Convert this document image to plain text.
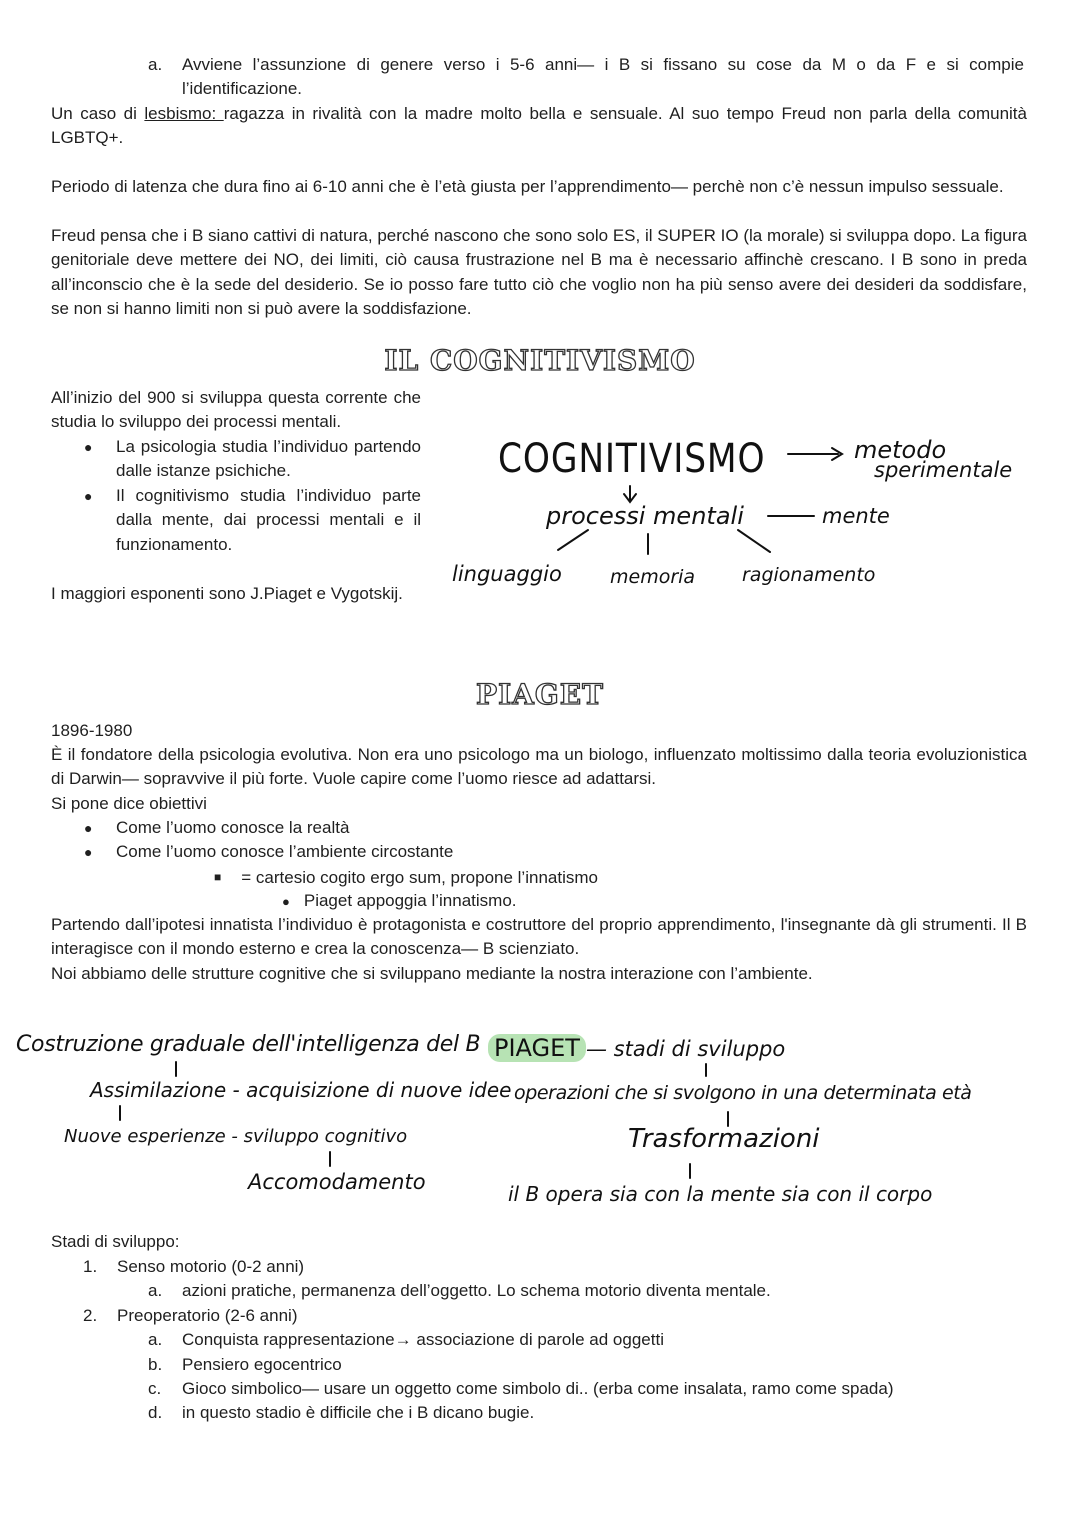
a. Avviene l’assunzione di genere verso i 5-6 anni— i B si fissano su cose da M o da F e si compie l’identificazione.
Un caso di lesbismo: ragazza in rivalità con la madre molto bella e sensuale. Al suo tempo Freud non parla della comunità LGBTQ+.
Periodo di latenza che dura fino ai 6-10 anni che è l’età giusta per l’apprendimento— perchè non c’è nessun impulso sessuale.
Freud pensa che i B siano cattivi di natura, perché nascono che sono solo ES, il SUPER IO (la morale) si sviluppa dopo. La figura genitoriale deve mettere dei NO, dei limiti, ciò causa frustrazione nel B ma è necessario affinchè crescano. I B sono in preda all’inconscio che è la sede del desiderio. Se io posso fare tutto ciò che voglio non ha più senso avere dei desideri da soddisfare, se non si hanno limiti non si può avere la soddisfazione.
IL COGNITIVISMO
All’inizio del 900 si sviluppa questa corrente che studia lo sviluppo dei processi mentali.
● La psicologia studia l’individuo partendo dalle istanze psichiche.
● Il cognitivismo studia l’individuo parte dalla mente, dai processi mentali e il funzionamento.
I maggiori esponenti sono J.Piaget e Vygotskij.
COGNITIVISMO	metodo
sperimentale
processi mentali	mente
linguaggio	memoria ragionamento
PIAGET
1896-1980
È il fondatore della psicologia evolutiva. Non era uno psicologo ma un biologo, influenzato moltissimo dalla teoria evoluzionistica di Darwin— sopravvive il più forte. Vuole capire come l’uomo riesce ad adattarsi.
Si pone dice obiettivi
● Come l’uomo conosce la realtà
● Come l’uomo conosce l’ambiente circostante
■ = cartesio cogito ergo sum, propone l’innatismo
● Piaget appoggia l’innatismo.
Partendo dall’ipotesi innatista l’individuo è protagonista e costruttore del proprio apprendimento, l'insegnante dà gli strumenti. Il B interagisce con il mondo esterno e crea la conoscenza— B scienziato.
Noi abbiamo delle strutture cognitive che si sviluppano mediante la nostra interazione con l’ambiente.
Costruzione graduale dell'intelligenza del B
Assimilazione - acquisizione di nuove idee
Nuove esperienze - sviluppo cognitivo
Accomodamento
PIAGET — stadi di sviluppo
operazioni che si svolgono in una determinata età
Trasformazioni
il B opera sia con la mente sia con il corpo
Stadi di sviluppo:
1. Senso motorio (0-2 anni)
a. azioni pratiche, permanenza dell’oggetto. Lo schema motorio diventa mentale.
2. Preoperatorio (2-6 anni)
a. Conquista rappresentazione→ associazione di parole ad oggetti
b. Pensiero egocentrico
c. Gioco simbolico— usare un oggetto come simbolo di.. (erba come insalata, ramo come spada)
d. in questo stadio è difficile che i B dicano bugie.
